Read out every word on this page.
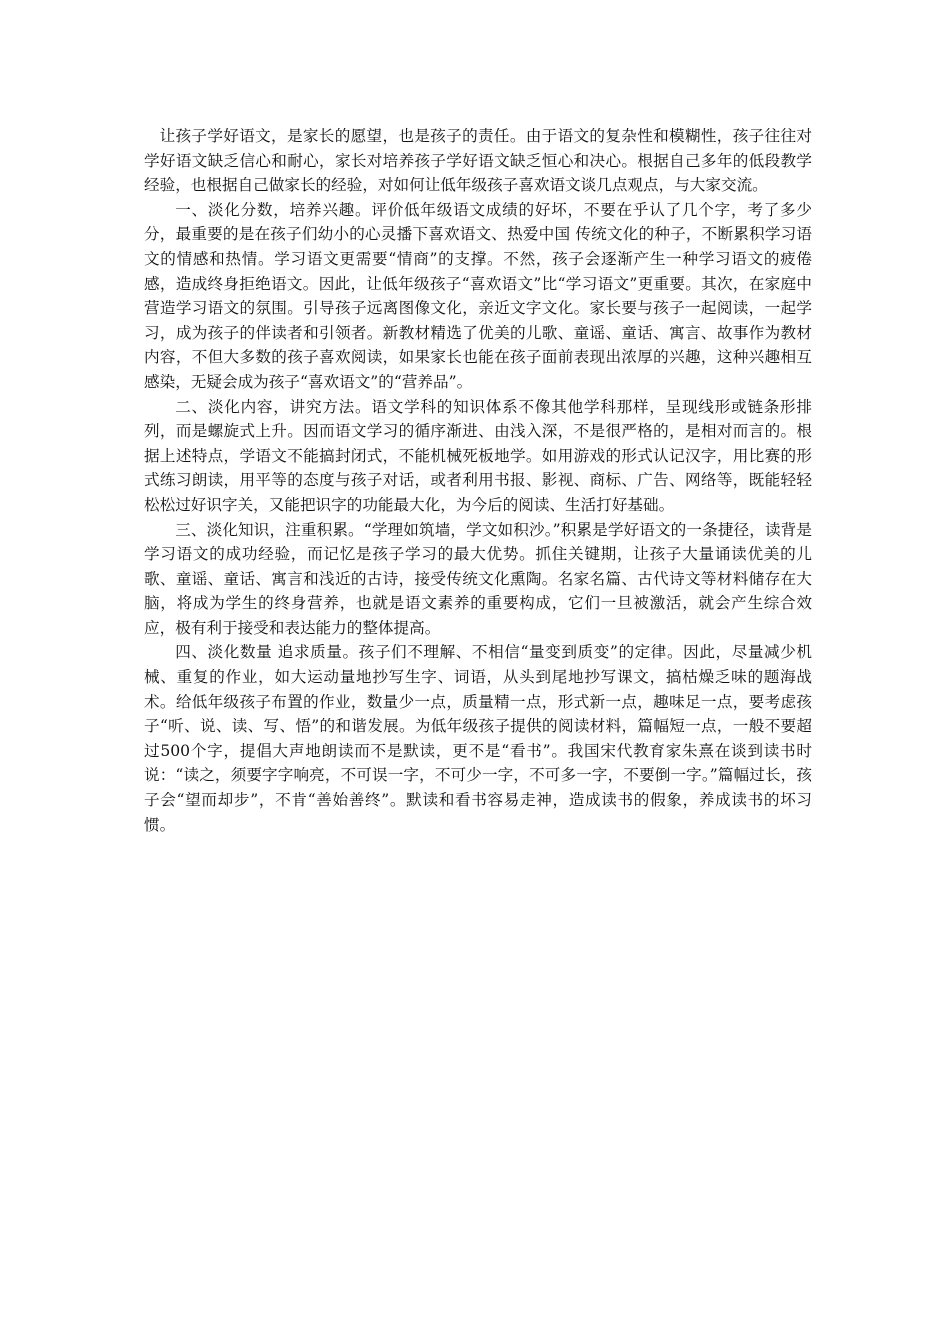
让孩子学好语文，是家长的愿望，也是孩子的责任。由于语文的复杂性和模糊性，孩子往往对学好语文缺乏信心和耐心，家长对培养孩子学好语文缺乏恒心和决心。根据自己多年的低段教学经验，也根据自己做家长的经验，对如何让低年级孩子喜欢语文谈几点观点，与大家交流。

一、淡化分数，培养兴趣。评价低年级语文成绩的好坏，不要在乎认了几个字，考了多少分，最重要的是在孩子们幼小的心灵播下喜欢语文、热爱中国 传统文化的种子，不断累积学习语文的情感和热情。学习语文更需要“情商”的支撑。不然，孩子会逐渐产生一种学习语文的疲倦感，造成终身拒绝语文。因此，让低年级孩子“喜欢语文”比“学习语文”更重要。其次，在家庭中营造学习语文的氛围。引导孩子远离图像文化，亲近文字文化。家长要与孩子一起阅读，一起学习，成为孩子的伴读者和引领者。新教材精选了优美的儿歌、童谣、童话、寓言、故事作为教材内容，不但大多数的孩子喜欢阅读，如果家长也能在孩子面前表现出浓厚的兴趣，这种兴趣相互感染，无疑会成为孩子“喜欢语文”的“营养品”。

二、淡化内容，讲究方法。语文学科的知识体系不像其他学科那样，呈现线形或链条形排列，而是螺旋式上升。因而语文学习的循序渐进、由浅入深，不是很严格的，是相对而言的。根据上述特点，学语文不能搞封闭式，不能机械死板地学。如用游戏的形式认记汉字，用比赛的形式练习朗读，用平等的态度与孩子对话，或者利用书报、影视、商标、广告、网络等，既能轻轻松松过好识字关，又能把识字的功能最大化，为今后的阅读、生活打好基础。

三、淡化知识，注重积累。“学理如筑墙，学文如积沙。”积累是学好语文的一条捷径，读背是学习语文的成功经验，而记忆是孩子学习的最大优势。抓住关键期，让孩子大量诵读优美的儿歌、童谣、童话、寓言和浅近的古诗，接受传统文化熏陶。名家名篇、古代诗文等材料储存在大脑，将成为学生的终身营养，也就是语文素养的重要构成，它们一旦被激活，就会产生综合效应，极有利于接受和表达能力的整体提高。

四、淡化数量 追求质量。孩子们不理解、不相信“量变到质变”的定律。因此，尽量减少机械、重复的作业，如大运动量地抄写生字、词语，从头到尾地抄写课文，搞枯燥乏味的题海战术。给低年级孩子布置的作业，数量少一点，质量精一点，形式新一点，趣味足一点，要考虑孩子“听、说、读、写、悟”的和谐发展。为低年级孩子提供的阅读材料，篇幅短一点，一般不要超过500个字，提倡大声地朗读而不是默读，更不是“看书”。我国宋代教育家朱熹在谈到读书时说：“读之，须要字字响亮，不可误一字，不可少一字，不可多一字，不要倒一字。”篇幅过长，孩子会“望而却步”，不肯“善始善终”。默读和看书容易走神，造成读书的假象，养成读书的坏习惯。
